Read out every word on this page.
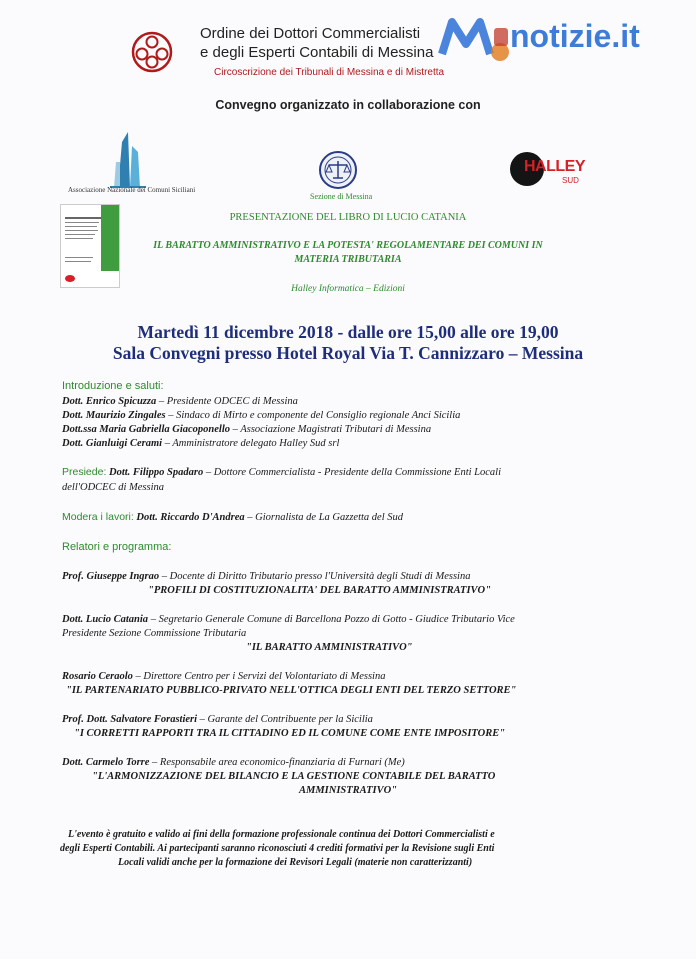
Ordine dei Dottori Commercialisti
e degli Esperti Contabili di Messina
Circoscrizione dei Tribunali di Messina e di Mistretta
notizie.it
Convegno organizzato in collaborazione con
Associazione Nazionale dei Comuni Siciliani
Sezione di Messina
HALLEY
SUD
PRESENTAZIONE DEL LIBRO DI LUCIO CATANIA
IL BARATTO AMMINISTRATIVO E LA POTESTA' REGOLAMENTARE DEI COMUNI IN
MATERIA TRIBUTARIA
Halley Informatica – Edizioni
Martedì 11 dicembre 2018 - dalle ore 15,00 alle ore 19,00
Sala Convegni presso Hotel Royal Via T. Cannizzaro – Messina
Introduzione e saluti:
Dott. Enrico Spicuzza – Presidente ODCEC di Messina
Dott. Maurizio Zingales – Sindaco di Mirto e componente del Consiglio regionale Anci Sicilia
Dott.ssa Maria Gabriella Giacoponello – Associazione Magistrati Tributari di Messina
Dott. Gianluigi Cerami – Amministratore delegato Halley Sud srl
Presiede: Dott. Filippo Spadaro – Dottore Commercialista - Presidente della Commissione Enti Locali
dell'ODCEC di Messina
Modera i lavori: Dott. Riccardo D'Andrea – Giornalista de La Gazzetta del Sud
Relatori e programma:
Prof. Giuseppe Ingrao – Docente di Diritto Tributario presso l'Università degli Studi di Messina
"PROFILI DI COSTITUZIONALITA' DEL BARATTO AMMINISTRATIVO"
Dott. Lucio Catania – Segretario Generale Comune di Barcellona Pozzo di Gotto - Giudice Tributario Vice
Presidente Sezione Commissione Tributaria
"IL BARATTO AMMINISTRATIVO"
Rosario Ceraolo – Direttore Centro per i Servizi del Volontariato di Messina
"IL PARTENARIATO PUBBLICO-PRIVATO NELL'OTTICA DEGLI ENTI DEL TERZO SETTORE"
Prof. Dott. Salvatore Forastieri – Garante del Contribuente per la Sicilia
"I CORRETTI RAPPORTI TRA IL CITTADINO ED IL COMUNE COME ENTE IMPOSITORE"
Dott. Carmelo Torre – Responsabile area economico-finanziaria di Furnari (Me)
"L'ARMONIZZAZIONE DEL BILANCIO E LA GESTIONE CONTABILE DEL BARATTO
AMMINISTRATIVO"
L'evento è gratuito e valido ai fini della formazione professionale continua dei Dottori Commercialisti e
degli Esperti Contabili. Ai partecipanti saranno riconosciuti 4 crediti formativi per la Revisione sugli Enti
Locali validi anche per la formazione dei Revisori Legali (materie non caratterizzanti)
